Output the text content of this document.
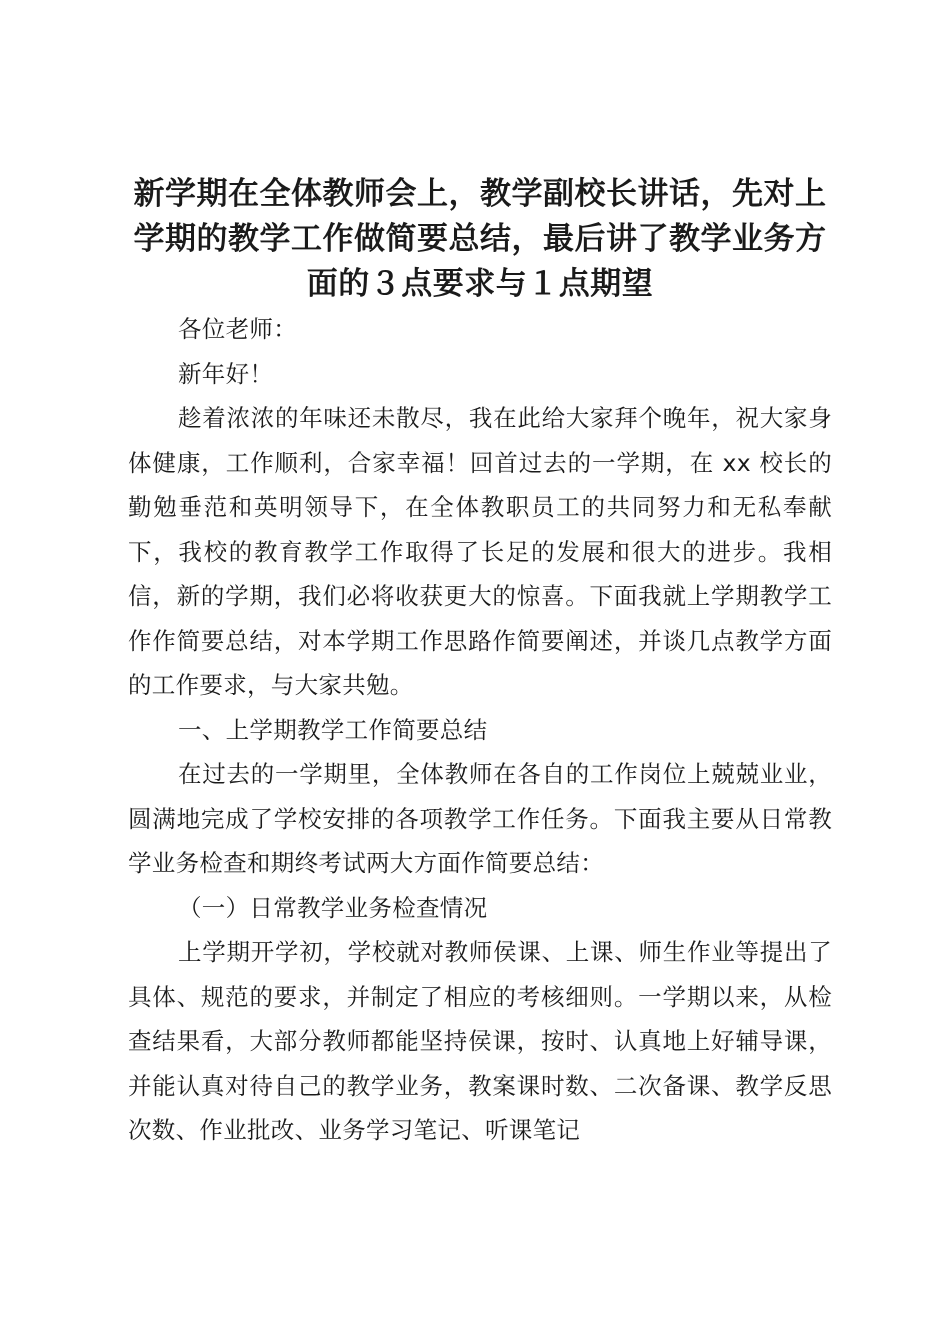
新学期在全体教师会上，教学副校长讲话，先对上学期的教学工作做简要总结，最后讲了教学业务方面的３点要求与１点期望

各位老师：

新年好！

趁着浓浓的年味还未散尽，我在此给大家拜个晚年，祝大家身体健康，工作顺利，合家幸福！回首过去的一学期，在 xx 校长的勤勉垂范和英明领导下，在全体教职员工的共同努力和无私奉献下，我校的教育教学工作取得了长足的发展和很大的进步。我相信，新的学期，我们必将收获更大的惊喜。下面我就上学期教学工作作简要总结，对本学期工作思路作简要阐述，并谈几点教学方面的工作要求，与大家共勉。

一、上学期教学工作简要总结

在过去的一学期里，全体教师在各自的工作岗位上兢兢业业，圆满地完成了学校安排的各项教学工作任务。下面我主要从日常教学业务检查和期终考试两大方面作简要总结：

（一）日常教学业务检查情况

上学期开学初，学校就对教师侯课、上课、师生作业等提出了具体、规范的要求，并制定了相应的考核细则。一学期以来，从检查结果看，大部分教师都能坚持侯课，按时、认真地上好辅导课，并能认真对待自己的教学业务，教案课时数、二次备课、教学反思次数、作业批改、业务学习笔记、听课笔记
